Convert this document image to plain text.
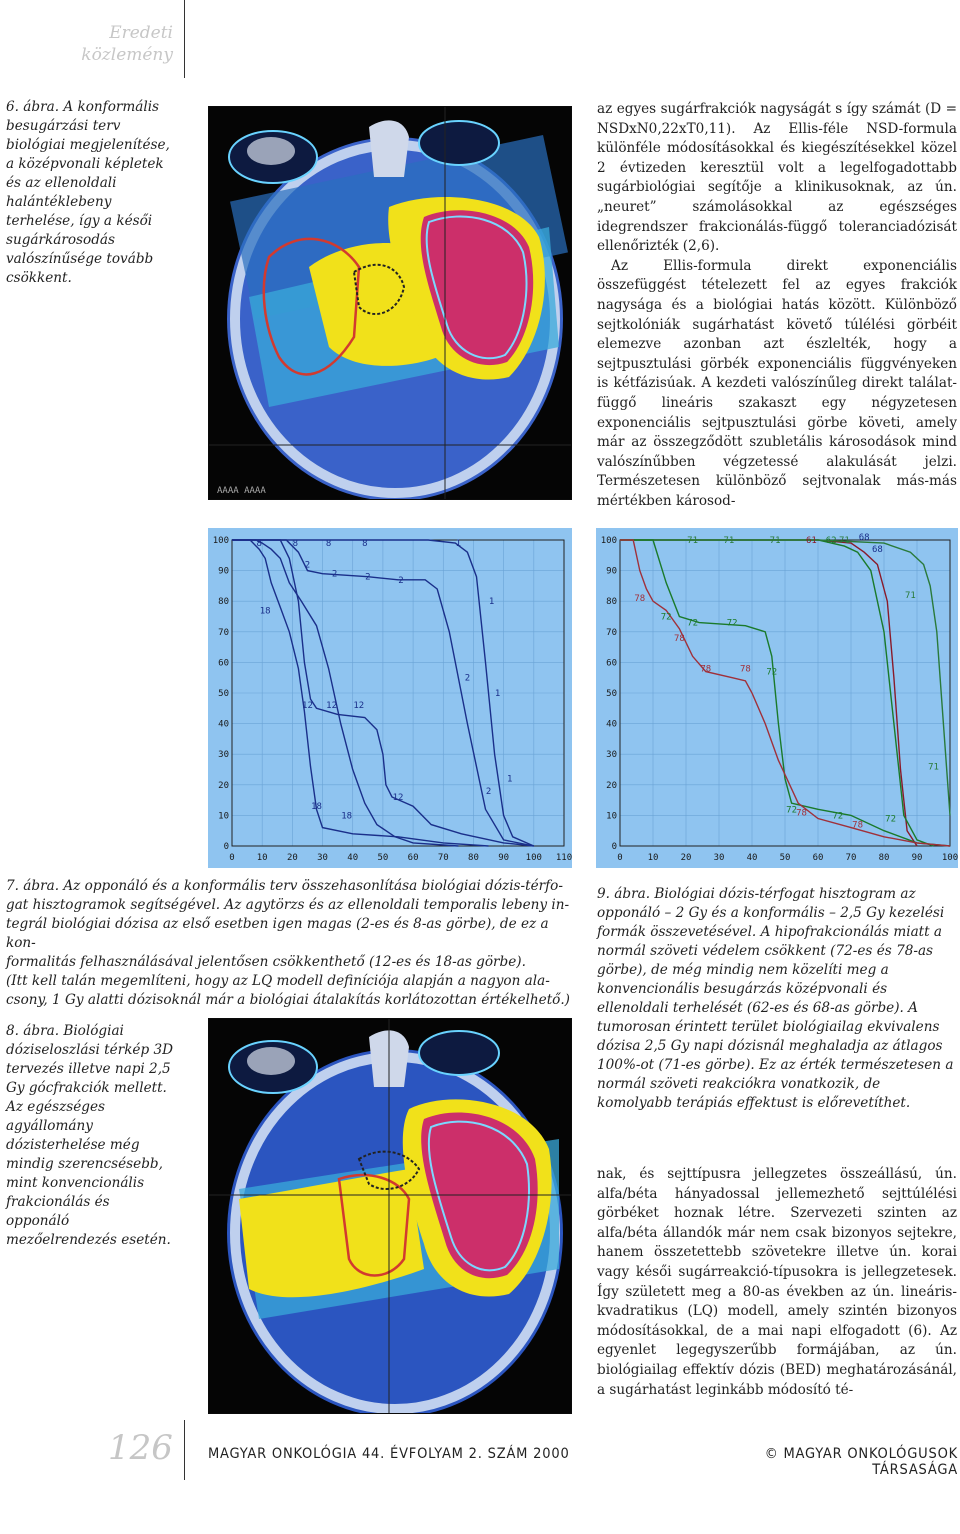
Eredeti közlemény
6. ábra. A konformális besugárzási terv biológiai megjelenítése, a középvonali képletek és az ellenoldali halántéklebeny terhelése, így a késői sugárkárosodás valószínűsége tovább csökkent.
AAAA AAAA

az egyes sugárfrakciók nagyságát s így számát (D = NSDxN0,22xT0,11). Az Ellis-féle NSD-formula különféle módosításokkal és kiegészítésekkel közel 2 évtizeden keresztül volt a legelfogadottabb sugárbiológiai segítője a klinikusoknak, az ún. „neuret” számolásokkal az egészséges idegrendszer frakcionálás-függő toleranciadózisát ellenőrizték (2,6).

Az Ellis-formula direkt exponenciális összefüggést tételezett fel az egyes frakciók nagysága és a biológiai hatás között. Különböző sejtkolóniák sugárhatást követő túlélési görbéit elemezve azonban azt észlelték, hogy a sejtpusztulási görbék exponenciális függvényeken is kétfázisúak. A kezdeti valószínűleg direkt találat-függő lineáris szakaszt egy négyzetesen exponenciális sejtpusztulási görbe követi, amely már az összegződött szubletális károsodások mind valószínűbben végzetessé alakulását jelzi. Természetesen különböző sejtvonalak más-más mértékben károsod-

0 10 20 30 40 50 60 70 80 90 100 110
0
10
20
30
40
50
60
70
80
90
100	1
1
1
1
2
2	2	2
2
2
8	8	8	8
12 12 12
12
18
18
18
0	10 20 30 40 50 60 70 80 90 100
0
10
20
30
40
50
60
70
80
90
100	71	71	71	71
71
71
72
72	72
72
72
72	72
78
78
78	78
78
78
61 62
68
68
7. ábra. Az opponáló és a konformális terv összehasonlítása biológiai dózis-térfo-
gat hisztogramok segítségével. Az agytörzs és az ellenoldali temporalis lebeny in-
tegrál biológiai dózisa az első esetben igen magas (2-es és 8-as görbe), de ez a kon-
formalitás felhasználásával jelentősen csökkenthető (12-es és 18-as görbe).
(Itt kell talán megemlíteni, hogy az LQ modell definíciója alapján a nagyon ala-
csony, 1 Gy alatti dózisoknál már a biológiai átalakítás korlátozottan értékelhető.)
9. ábra. Biológiai dózis-térfogat hisztogram az opponáló – 2 Gy és a konformális – 2,5 Gy kezelési formák összevetésével. A hipofrakcionálás miatt a normál szöveti védelem csökkent (72-es és 78-as görbe), de még mindig nem közelíti meg a konvencionális besugárzás középvonali és ellenoldali terhelését (62-es és 68-as görbe). A tumorosan érintett terület biológiailag ekvivalens dózisa 2,5 Gy napi dózisnál meghaladja az átlagos 100%-ot (71-es görbe). Ez az érték természetesen a normál szöveti reakciókra vonatkozik, de komolyabb terápiás effektust is előrevetíthet.
8. ábra. Biológiai dóziseloszlási térkép 3D tervezés illetve napi 2,5 Gy gócfrakciók mellett. Az egészséges agyállomány dózisterhelése még mindig szerencsésebb, mint konvencionális frakcionálás és opponáló mezőelrendezés esetén.

nak, és sejttípusra jellegzetes összeállású, ún. alfa/béta hányadossal jellemezhető sejttúlélési görbéket hoznak létre. Szervezeti szinten az alfa/béta állandók már nem csak bizonyos sejtekre, hanem összetettebb szövetekre illetve ún. korai vagy késői sugárreakció-típusokra is jellegzetesek. Így született meg a 80-as években az ún. lineáris-kvadratikus (LQ) modell, amely szintén bizonyos módosításokkal, de a mai napi elfogadott (6). Az egyenlet legegyszerűbb formájában, az ún. biológiailag effektív dózis (BED) meghatározásánál, a sugárhatást leginkább módosító té-

126 MAGYAR ONKOLÓGIA 44. ÉVFOLYAM 2. SZÁM 2000	© MAGYAR ONKOLÓGUSOK TÁRSASÁGA
